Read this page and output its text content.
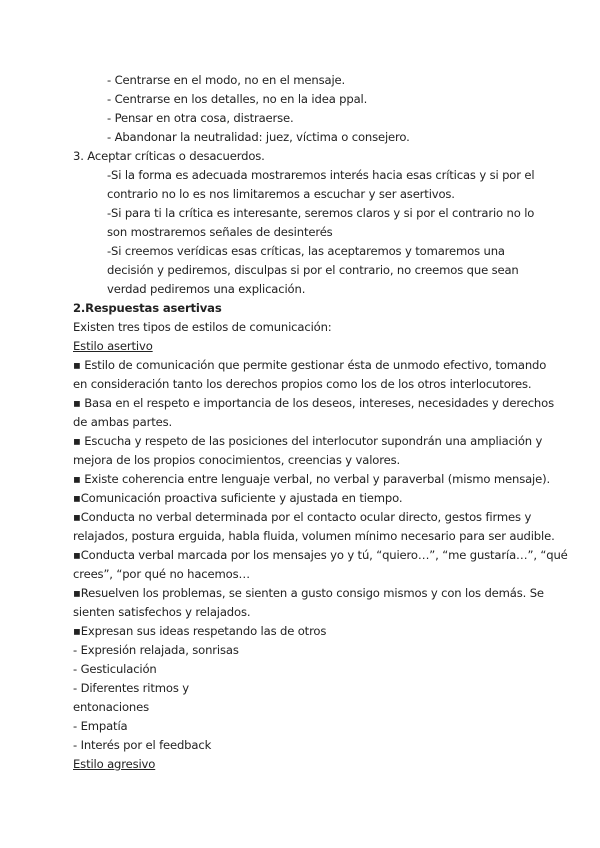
- Centrarse en el modo, no en el mensaje.
- Centrarse en los detalles, no en la idea ppal.
- Pensar en otra cosa, distraerse.
- Abandonar la neutralidad: juez, víctima o consejero.
3. Aceptar críticas o desacuerdos.
-Si la forma es adecuada mostraremos interés hacia esas críticas y si por el
contrario no lo es nos limitaremos a escuchar y ser asertivos.
-Si para ti la crítica es interesante, seremos claros y si por el contrario no lo
son mostraremos señales de desinterés
-Si creemos verídicas esas críticas, las aceptaremos y tomaremos una
decisión y pediremos, disculpas si por el contrario, no creemos que sean
verdad pediremos una explicación.
2.Respuestas asertivas
Existen tres tipos de estilos de comunicación:
Estilo asertivo
▪ Estilo de comunicación que permite gestionar ésta de unmodo efectivo, tomando
en consideración tanto los derechos propios como los de los otros interlocutores.
▪ Basa en el respeto e importancia de los deseos, intereses, necesidades y derechos
de ambas partes.
▪ Escucha y respeto de las posiciones del interlocutor supondrán una ampliación y
mejora de los propios conocimientos, creencias y valores.
▪ Existe coherencia entre lenguaje verbal, no verbal y paraverbal (mismo mensaje).
▪Comunicación proactiva suficiente y ajustada en tiempo.
▪Conducta no verbal determinada por el contacto ocular directo, gestos firmes y
relajados, postura erguida, habla fluida, volumen mínimo necesario para ser audible.
▪Conducta verbal marcada por los mensajes yo y tú, “quiero…”, “me gustaría…”, “qué
crees”, “por qué no hacemos…
▪Resuelven los problemas, se sienten a gusto consigo mismos y con los demás. Se
sienten satisfechos y relajados.
▪Expresan sus ideas respetando las de otros
- Expresión relajada, sonrisas
- Gesticulación
- Diferentes ritmos y
entonaciones
- Empatía
- Interés por el feedback
Estilo agresivo
